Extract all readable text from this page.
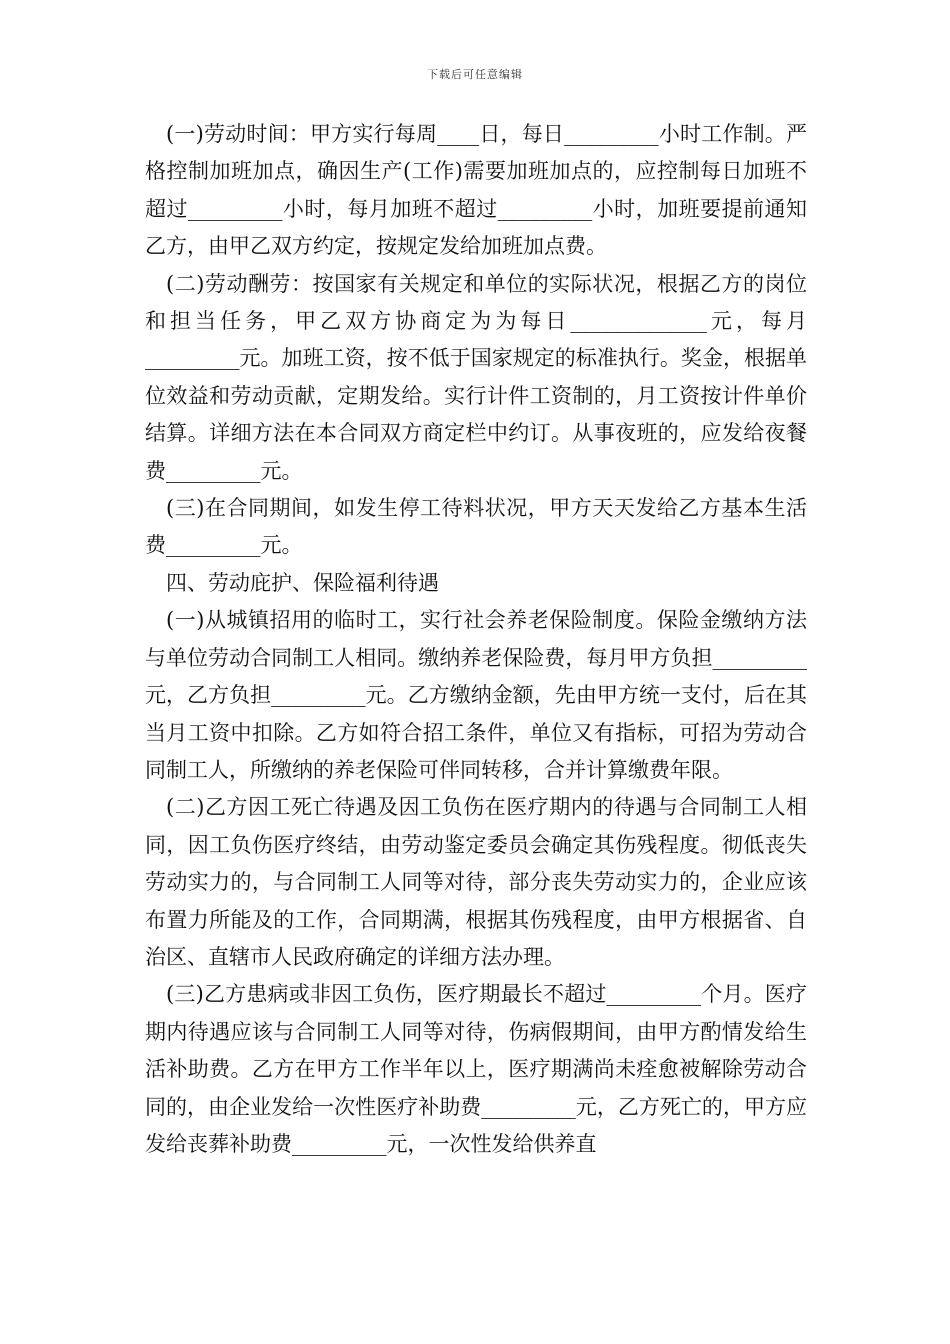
下载后可任意编辑

(一)劳动时间：甲方实行每周____日，每日_________小时工作制。严格控制加班加点，确因生产(工作)需要加班加点的，应控制每日加班不超过_________小时，每月加班不超过_________小时，加班要提前通知乙方，由甲乙双方约定，按规定发给加班加点费。

(二)劳动酬劳：按国家有关规定和单位的实际状况，根据乙方的岗位和担当任务，甲乙双方协商定为为每日_____________元，每月_________元。加班工资，按不低于国家规定的标准执行。奖金，根据单位效益和劳动贡献，定期发给。实行计件工资制的，月工资按计件单价结算。详细方法在本合同双方商定栏中约订。从事夜班的，应发给夜餐费_________元。

(三)在合同期间，如发生停工待料状况，甲方天天发给乙方基本生活费_________元。

四、劳动庇护、保险福利待遇

(一)从城镇招用的临时工，实行社会养老保险制度。保险金缴纳方法与单位劳动合同制工人相同。缴纳养老保险费，每月甲方负担_________元，乙方负担_________元。乙方缴纳金额，先由甲方统一支付，后在其当月工资中扣除。乙方如符合招工条件，单位又有指标，可招为劳动合同制工人，所缴纳的养老保险可伴同转移，合并计算缴费年限。

(二)乙方因工死亡待遇及因工负伤在医疗期内的待遇与合同制工人相同，因工负伤医疗终结，由劳动鉴定委员会确定其伤残程度。彻低丧失劳动实力的，与合同制工人同等对待，部分丧失劳动实力的，企业应该布置力所能及的工作，合同期满，根据其伤残程度，由甲方根据省、自治区、直辖市人民政府确定的详细方法办理。

(三)乙方患病或非因工负伤，医疗期最长不超过_________个月。医疗期内待遇应该与合同制工人同等对待，伤病假期间，由甲方酌情发给生活补助费。乙方在甲方工作半年以上，医疗期满尚未痊愈被解除劳动合同的，由企业发给一次性医疗补助费_________元，乙方死亡的，甲方应发给丧葬补助费_________元，一次性发给供养直
